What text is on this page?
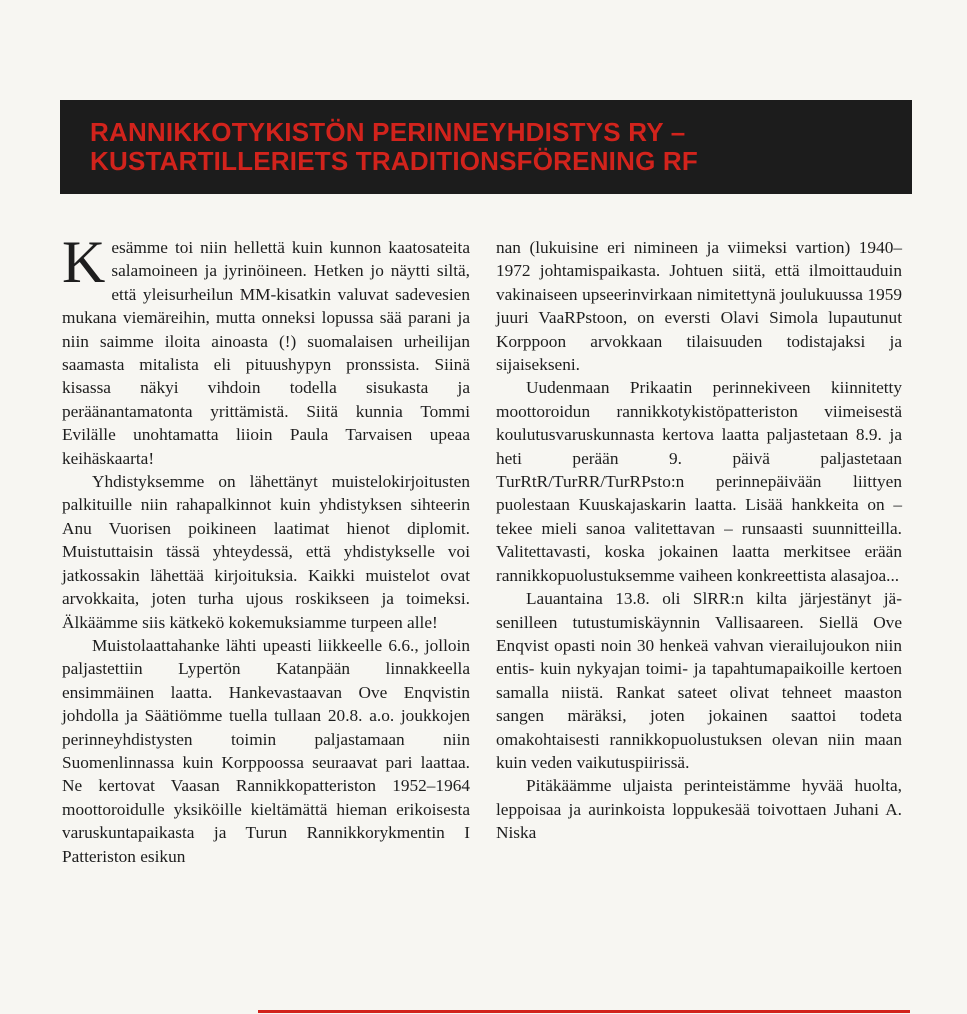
RANNIKKOTYKISTÖN PERINNEYHDISTYS RY –
KUSTARTILLERIETS TRADITIONSFÖRENING RF

Kesämme toi niin hellettä kuin kunnon kaatosateita salamoineen ja jyrinöineen. Hetken jo näytti siltä, että yleisurheilun MM-kisatkin valuvat sadevesien mukana viemäreihin, mutta onneksi lopussa sää parani ja niin saimme iloita ainoasta (!) suomalaisen urheilijan saamasta mitalista eli pituushypyn pronssista. Siinä kisassa näkyi vihdoin todella sisukasta ja peräänantamatonta yrittämistä. Siitä kunnia Tommi Evilälle unohtamatta liioin Paula Tarvaisen upeaa keihäskaarta!

Yhdistyksemme on lähettänyt muistelokirjoitusten palkituille niin rahapalkinnot kuin yhdistyksen sihteerin Anu Vuorisen poikineen laatimat hienot diplomit. Muistuttaisin tässä yhteydessä, että yhdistykselle voi jatkossakin lähettää kirjoituksia. Kaikki muistelot ovat arvokkaita, joten turha ujous roskikseen ja toimeksi. Älkäämme siis kätkekö kokemuksiamme turpeen alle!

Muistolaattahanke lähti upeasti liikkeelle 6.6., jolloin paljastettiin Lypertön Katanpään linnakkeella ensimmäinen laatta. Hankevastaavan Ove Enqvistin johdolla ja Säätiömme tuella tullaan 20.8. a.o. joukkojen perinneyhdistysten toimin paljastamaan niin Suomenlinnassa kuin Korppoossa seuraavat pari laattaa. Ne kertovat Vaasan Rannikkopatteriston 1952–1964 moottoroidulle yksiköille kieltämättä hieman erikoisesta varuskuntapaikasta ja Turun Rannikkorykmentin I Patteriston esikun

nan (lukuisine eri nimineen ja viimeksi vartion) 1940–1972 johtamispaikasta. Johtuen siitä, että ilmoittauduin vakinaiseen upseerinvirkaan nimitettynä joulukuussa 1959 juuri VaaRPstoon, on eversti Olavi Simola lupautunut Korppoon arvokkaan tilaisuuden todistajaksi ja sijaisekseni.

Uudenmaan Prikaatin perinnekiveen kiinnitetty moottoroidun rannikkotykistöpatteriston viimeisestä koulutusvaruskunnasta kertova laatta paljastetaan 8.9. ja heti perään 9. päivä paljastetaan TurRtR/TurRR/TurRPsto:n perinnepäivään liittyen puolestaan Kuuskajaskarin laatta. Lisää hankkeita on – tekee mieli sanoa valitettavan – runsaasti suunnitteilla. Valitettavasti, koska jokainen laatta merkitsee erään rannikkopuolustuksemme vaiheen konkreettista alasajoa...

Lauantaina 13.8. oli SlRR:n kilta järjestänyt jäsenilleen tutustumiskäynnin Vallisaareen. Siellä Ove Enqvist opasti noin 30 henkeä vahvan vierailujoukon niin entis- kuin nykyajan toimi- ja tapahtumapaikoille kertoen samalla niistä. Rankat sateet olivat tehneet maaston sangen märäksi, joten jokainen saattoi todeta omakohtaisesti rannikkopuolustuksen olevan niin maan kuin veden vaikutuspiirissä.

Pitäkäämme uljaista perinteistämme hyvää huolta, leppoisaa ja aurinkoista loppukesää toivottaen Juhani A. Niska
